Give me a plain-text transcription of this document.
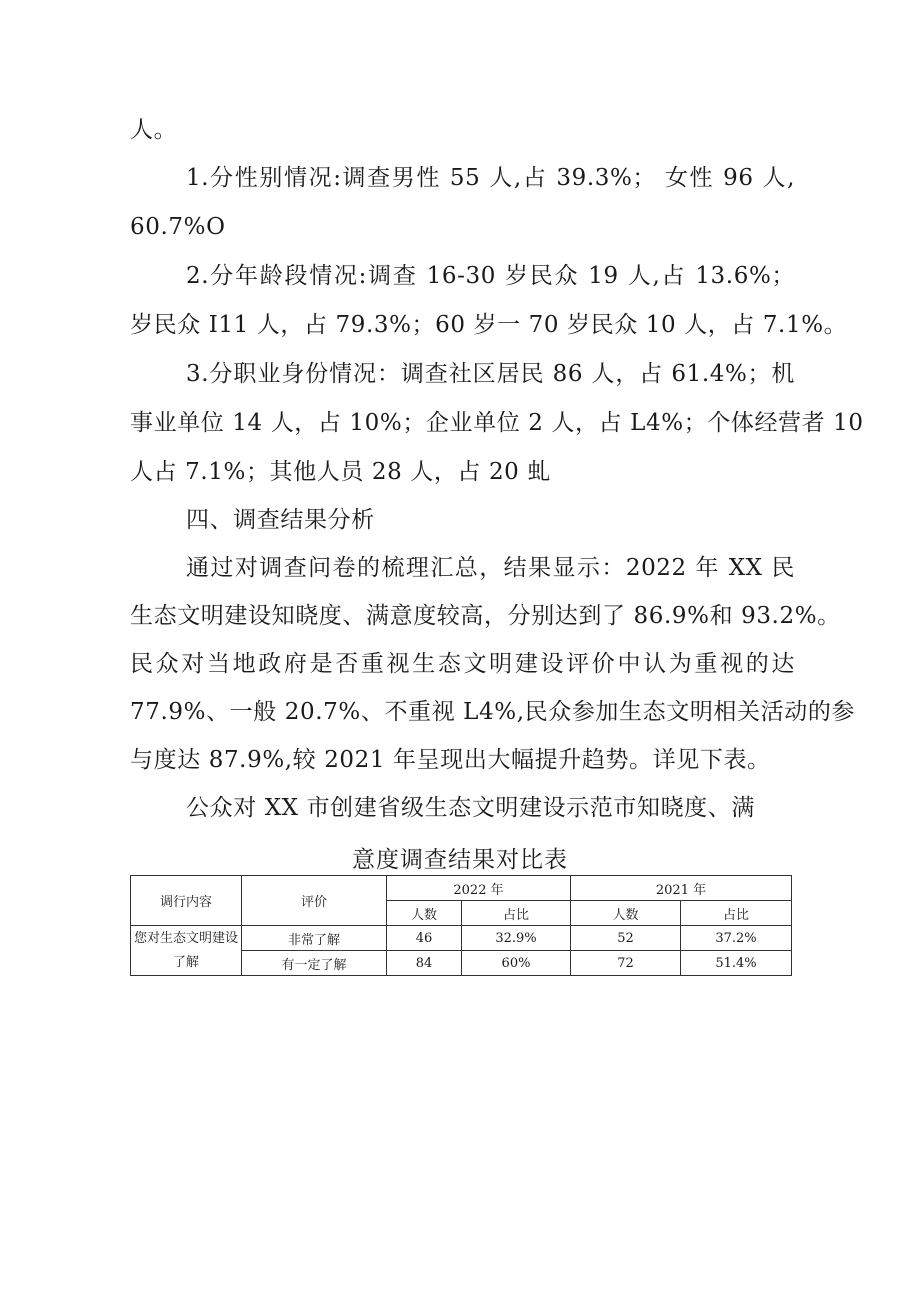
人。
1.分性别情况:调查男性 55 人,占 39.3%； 女性 96 人,
60.7%O
2.分年龄段情况:调查 16-30 岁民众 19 人,占 13.6%；
岁民众 I11 人，占 79.3%；60 岁一 70 岁民众 10 人，占 7.1%。
3.分职业身份情况：调查社区居民 86 人，占 61.4%；机
事业单位 14 人，占 10%；企业单位 2 人，占 L4%；个体经营者 10
人占 7.1%；其他人员 28 人，占 20 虬
四、调查结果分析
通过对调查问卷的梳理汇总，结果显示：2022 年 XX 民
生态文明建设知晓度、满意度较高，分别达到了 86.9%和 93.2%。
民众对当地政府是否重视生态文明建设评价中认为重视的达
77.9%、一般 20.7%、不重视 L4%,民众参加生态文明相关活动的参
与度达 87.9%,较 2021 年呈现出大幅提升趋势。详见下表。
公众对 XX 市创建省级生态文明建设示范市知晓度、满
意度调查结果对比表
调行内容	评价	2022 年		2021 年	
		人数	占比	人数	占比
您对生态文明建设了解	非常了解	46	32.9%	52	37.2%
	有一定了解	84	60%	72	51.4%
